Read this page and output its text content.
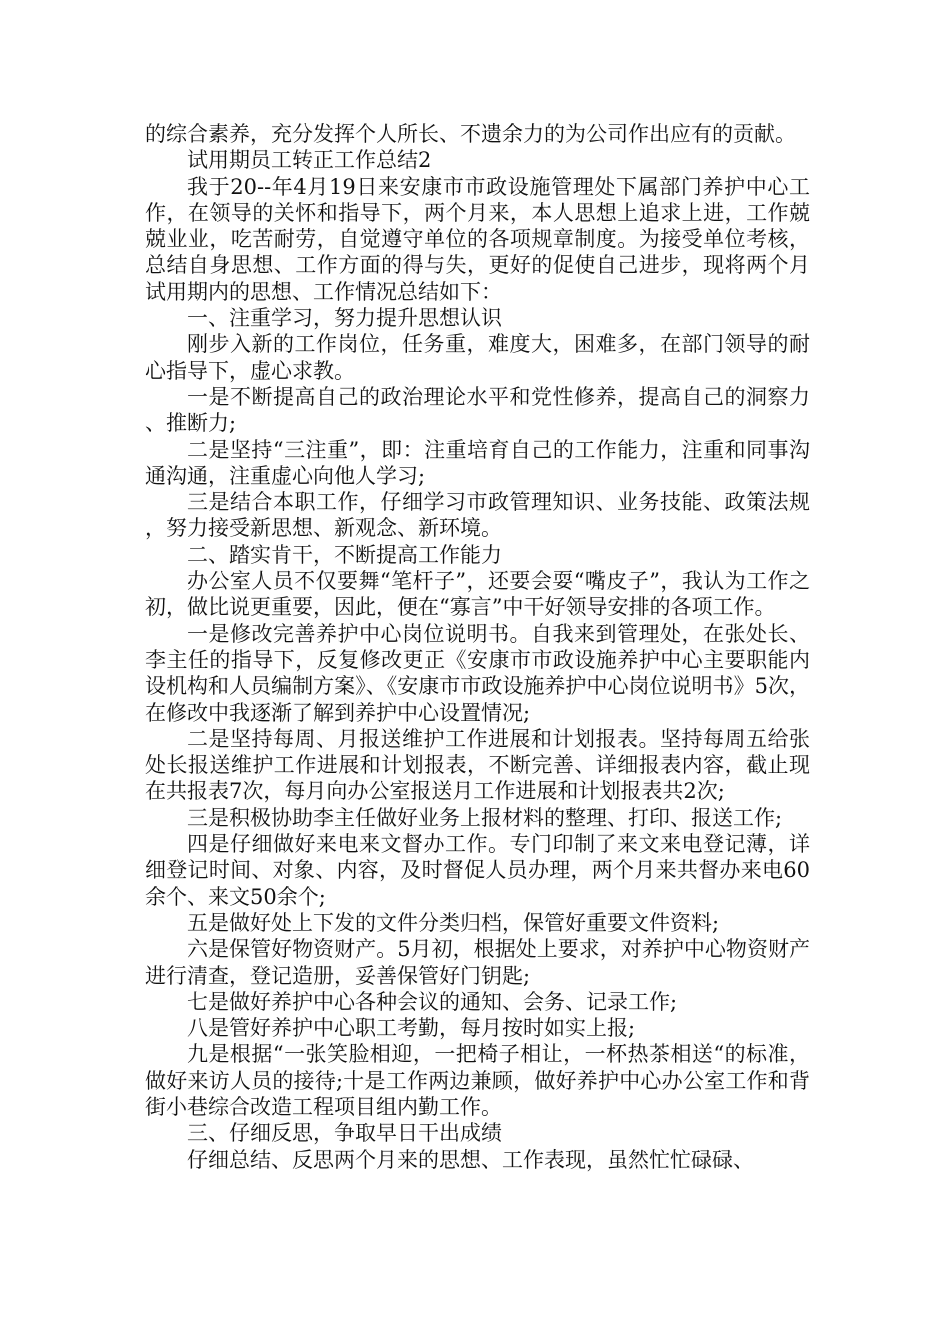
的综合素养，充分发挥个人所长、不遗余力的为公司作出应有的贡献。

试用期员工转正工作总结2

我于20--年4月19日来安康市市政设施管理处下属部门养护中心工作，在领导的关怀和指导下，两个月来，本人思想上追求上进，工作兢兢业业，吃苦耐劳，自觉遵守单位的各项规章制度。为接受单位考核，总结自身思想、工作方面的得与失，更好的促使自己进步，现将两个月试用期内的思想、工作情况总结如下：

一、注重学习，努力提升思想认识

刚步入新的工作岗位，任务重，难度大，困难多，在部门领导的耐心指导下，虚心求教。

一是不断提高自己的政治理论水平和党性修养，提高自己的洞察力、推断力;

二是坚持“三注重”，即：注重培育自己的工作能力，注重和同事沟通沟通，注重虚心向他人学习;

三是结合本职工作，仔细学习市政管理知识、业务技能、政策法规，努力接受新思想、新观念、新环境。

二、踏实肯干，不断提高工作能力

办公室人员不仅要舞“笔杆子”，还要会耍“嘴皮子”，我认为工作之初，做比说更重要，因此，便在“寡言”中干好领导安排的各项工作。

一是修改完善养护中心岗位说明书。自我来到管理处，在张处长、李主任的指导下，反复修改更正《安康市市政设施养护中心主要职能内设机构和人员编制方案》、《安康市市政设施养护中心岗位说明书》5次，在修改中我逐渐了解到养护中心设置情况;

二是坚持每周、月报送维护工作进展和计划报表。坚持每周五给张处长报送维护工作进展和计划报表，不断完善、详细报表内容，截止现在共报表7次，每月向办公室报送月工作进展和计划报表共2次;

三是积极协助李主任做好业务上报材料的整理、打印、报送工作;

四是仔细做好来电来文督办工作。专门印制了来文来电登记薄，详细登记时间、对象、内容，及时督促人员办理，两个月来共督办来电60余个、来文50余个;

五是做好处上下发的文件分类归档，保管好重要文件资料;

六是保管好物资财产。5月初，根据处上要求，对养护中心物资财产进行清查，登记造册，妥善保管好门钥匙;

七是做好养护中心各种会议的通知、会务、记录工作;

八是管好养护中心职工考勤，每月按时如实上报;

九是根据“一张笑脸相迎，一把椅子相让，一杯热茶相送“的标准，做好来访人员的接待;十是工作两边兼顾，做好养护中心办公室工作和背街小巷综合改造工程项目组内勤工作。

三、仔细反思，争取早日干出成绩

仔细总结、反思两个月来的思想、工作表现，虽然忙忙碌碌、
